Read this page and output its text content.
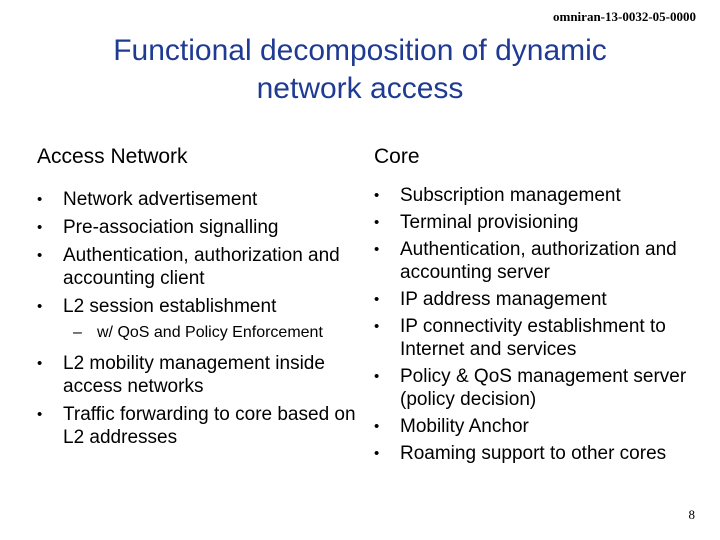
omniran-13-0032-05-0000
Functional decomposition of dynamic
network access
Access Network	Core
• Network advertisement
• Pre-association signalling
• Authentication, authorization and accounting client
• L2 session establishment
– w/ QoS and Policy Enforcement
• L2 mobility management inside access networks
• Traffic forwarding to core based on L2 addresses
• Subscription management
• Terminal provisioning
• Authentication, authorization and accounting server
• IP address management
• IP connectivity establishment to Internet and services
• Policy & QoS management server (policy decision)
• Mobility Anchor
• Roaming support to other cores
8
